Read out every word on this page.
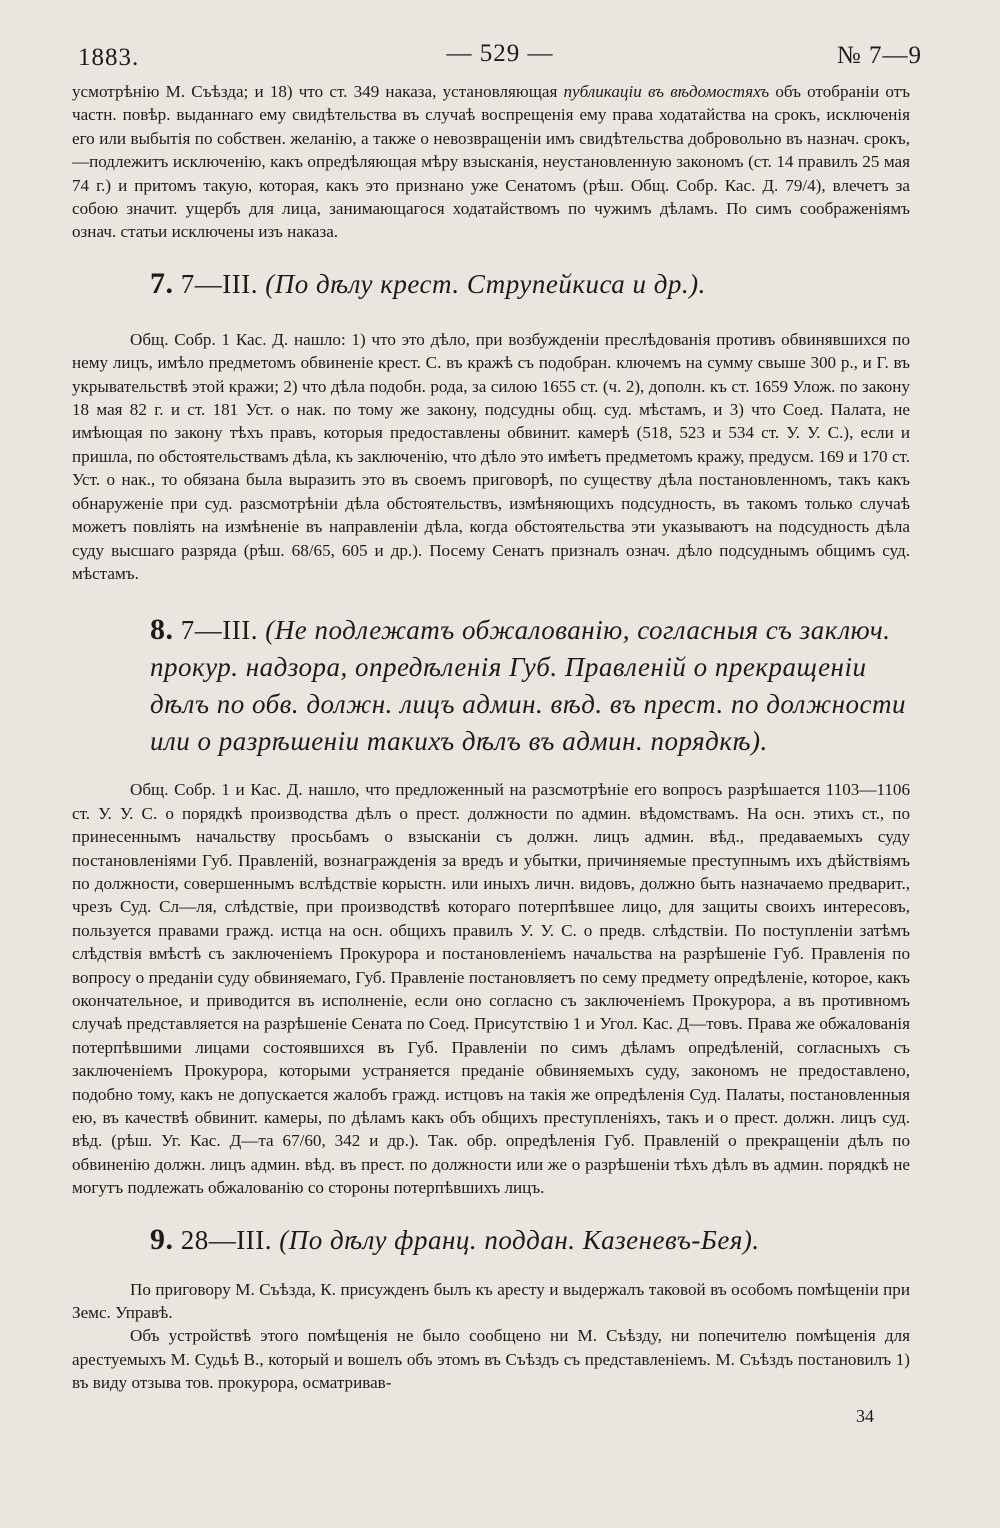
1883.	— 529 —	№ 7—9

усмотрѣнію М. Съѣзда; и 18) что ст. 349 наказа, установляющая публикаціи въ вѣдомостяхъ объ отобраніи отъ частн. повѣр. выданнаго ему свидѣтельства въ случаѣ воспрещенія ему права ходатайства на срокъ, исключенія его или выбытія по собствен. желанію, а также о невозвращеніи имъ свидѣтельства добровольно въ назнач. срокъ,—подлежитъ исключенію, какъ опредѣляющая мѣру взысканія, неустановленную закономъ (ст. 14 правилъ 25 мая 74 г.) и притомъ такую, которая, какъ это признано уже Сенатомъ (рѣш. Общ. Собр. Кас. Д. 79/4), влечетъ за собою значит. ущербъ для лица, занимающагося ходатайствомъ по чужимъ дѣламъ. По симъ соображеніямъ означ. статьи исключены изъ наказа.

7. 7—III. (По дѣлу крест. Струпейкиса и др.).

Общ. Собр. 1 Кас. Д. нашло: 1) что это дѣло, при возбужденіи преслѣдованія противъ обвинявшихся по нему лицъ, имѣло предметомъ обвиненіе крест. С. въ кражѣ съ подобран. ключемъ на сумму свыше 300 р., и Г. въ укрывательствѣ этой кражи; 2) что дѣла подобн. рода, за силою 1655 ст. (ч. 2), дополн. къ ст. 1659 Улож. по закону 18 мая 82 г. и ст. 181 Уст. о нак. по тому же закону, подсудны общ. суд. мѣстамъ, и 3) что Соед. Палата, не имѣющая по закону тѣхъ правъ, которыя предоставлены обвинит. камерѣ (518, 523 и 534 ст. У. У. С.), если и пришла, по обстоятельствамъ дѣла, къ заключенію, что дѣло это имѣетъ предметомъ кражу, предусм. 169 и 170 ст. Уст. о нак., то обязана была выразить это въ своемъ приговорѣ, по существу дѣла постановленномъ, такъ какъ обнаруженіе при суд. разсмотрѣніи дѣла обстоятельствъ, измѣняющихъ подсудность, въ такомъ только случаѣ можетъ повліять на измѣненіе въ направленіи дѣла, когда обстоятельства эти указываютъ на подсудность дѣла суду высшаго разряда (рѣш. 68/65, 605 и др.). Посему Сенатъ призналъ означ. дѣло подсуднымъ общимъ суд. мѣстамъ.

8. 7—III. (Не подлежатъ обжалованію, согласныя съ заключ. прокур. надзора, опредѣленія Губ. Правленій о прекращеніи дѣлъ по обв. должн. лицъ админ. вѣд. въ прест. по должности или о разрѣшеніи такихъ дѣлъ въ админ. порядкѣ).

Общ. Собр. 1 и Кас. Д. нашло, что предложенный на разсмотрѣніе его вопросъ разрѣшается 1103—1106 ст. У. У. С. о порядкѣ производства дѣлъ о прест. должности по админ. вѣдомствамъ. На осн. этихъ ст., по принесеннымъ начальству просьбамъ о взысканіи съ должн. лицъ админ. вѣд., предаваемыхъ суду постановленіями Губ. Правленій, вознагражденія за вредъ и убытки, причиняемые преступнымъ ихъ дѣйствіямъ по должности, совершеннымъ вслѣдствіе корыстн. или иныхъ личн. видовъ, должно быть назначаемо предварит., чрезъ Суд. Сл—ля, слѣдствіе, при производствѣ котораго потерпѣвшее лицо, для защиты своихъ интересовъ, пользуется правами гражд. истца на осн. общихъ правилъ У. У. С. о предв. слѣдствіи. По поступленіи затѣмъ слѣдствія вмѣстѣ съ заключеніемъ Прокурора и постановленіемъ начальства на разрѣшеніе Губ. Правленія по вопросу о преданіи суду обвиняемаго, Губ. Правленіе постановляетъ по сему предмету опредѣленіе, которое, какъ окончательное, и приводится въ исполненіе, если оно согласно съ заключеніемъ Прокурора, а въ противномъ случаѣ представляется на разрѣшеніе Сената по Соед. Присутствію 1 и Угол. Кас. Д—товъ. Права же обжалованія потерпѣвшими лицами состоявшихся въ Губ. Правленіи по симъ дѣламъ опредѣленій, согласныхъ съ заключеніемъ Прокурора, которыми устраняется преданіе обвиняемыхъ суду, закономъ не предоставлено, подобно тому, какъ не допускается жалобъ гражд. истцовъ на такія же опредѣленія Суд. Палаты, постановленныя ею, въ качествѣ обвинит. камеры, по дѣламъ какъ объ общихъ преступленіяхъ, такъ и о прест. должн. лицъ суд. вѣд. (рѣш. Уг. Кас. Д—та 67/60, 342 и др.). Так. обр. опредѣленія Губ. Правленій о прекращеніи дѣлъ по обвиненію должн. лицъ админ. вѣд. въ прест. по должности или же о разрѣшеніи тѣхъ дѣлъ въ админ. порядкѣ не могутъ подлежать обжалованію со стороны потерпѣвшихъ лицъ.

9. 28—III. (По дѣлу франц. поддан. Казеневъ-Бея).

По приговору М. Съѣзда, К. присужденъ былъ къ аресту и выдержалъ таковой въ особомъ помѣщеніи при Земс. Управѣ.

Объ устройствѣ этого помѣщенія не было сообщено ни М. Съѣзду, ни попечителю помѣщенія для арестуемыхъ М. Судьѣ В., который и вошелъ объ этомъ въ Съѣздъ съ представленіемъ. М. Съѣздъ постановилъ 1) въ виду отзыва тов. прокурора, осматривав-

34
